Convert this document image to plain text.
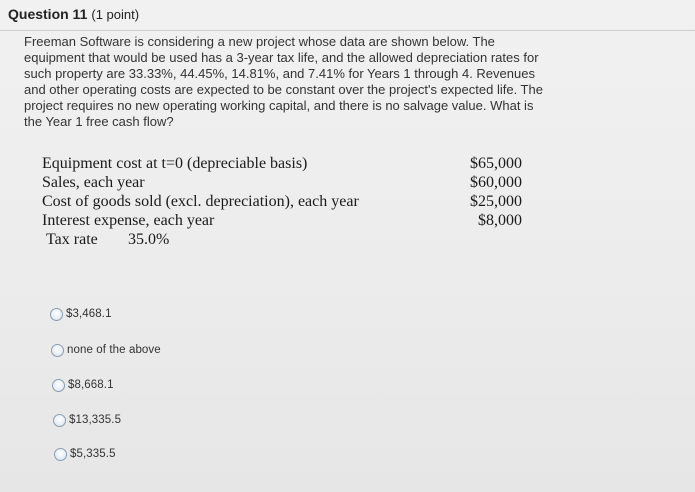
Question 11 (1 point)
Freeman Software is considering a new project whose data are shown below. The equipment that would be used has a 3-year tax life, and the allowed depreciation rates for such property are 33.33%, 44.45%, 14.81%, and 7.41% for Years 1 through 4. Revenues and other operating costs are expected to be constant over the project's expected life. The project requires no new operating working capital, and there is no salvage value. What is the Year 1 free cash flow?
Equipment cost at t=0 (depreciable basis)	$65,000
Sales, each year	$60,000
Cost of goods sold (excl. depreciation), each year	$25,000
Interest expense, each year	$8,000
Tax rate 35.0%
$3,468.1
none of the above
$8,668.1
$13,335.5
$5,335.5
